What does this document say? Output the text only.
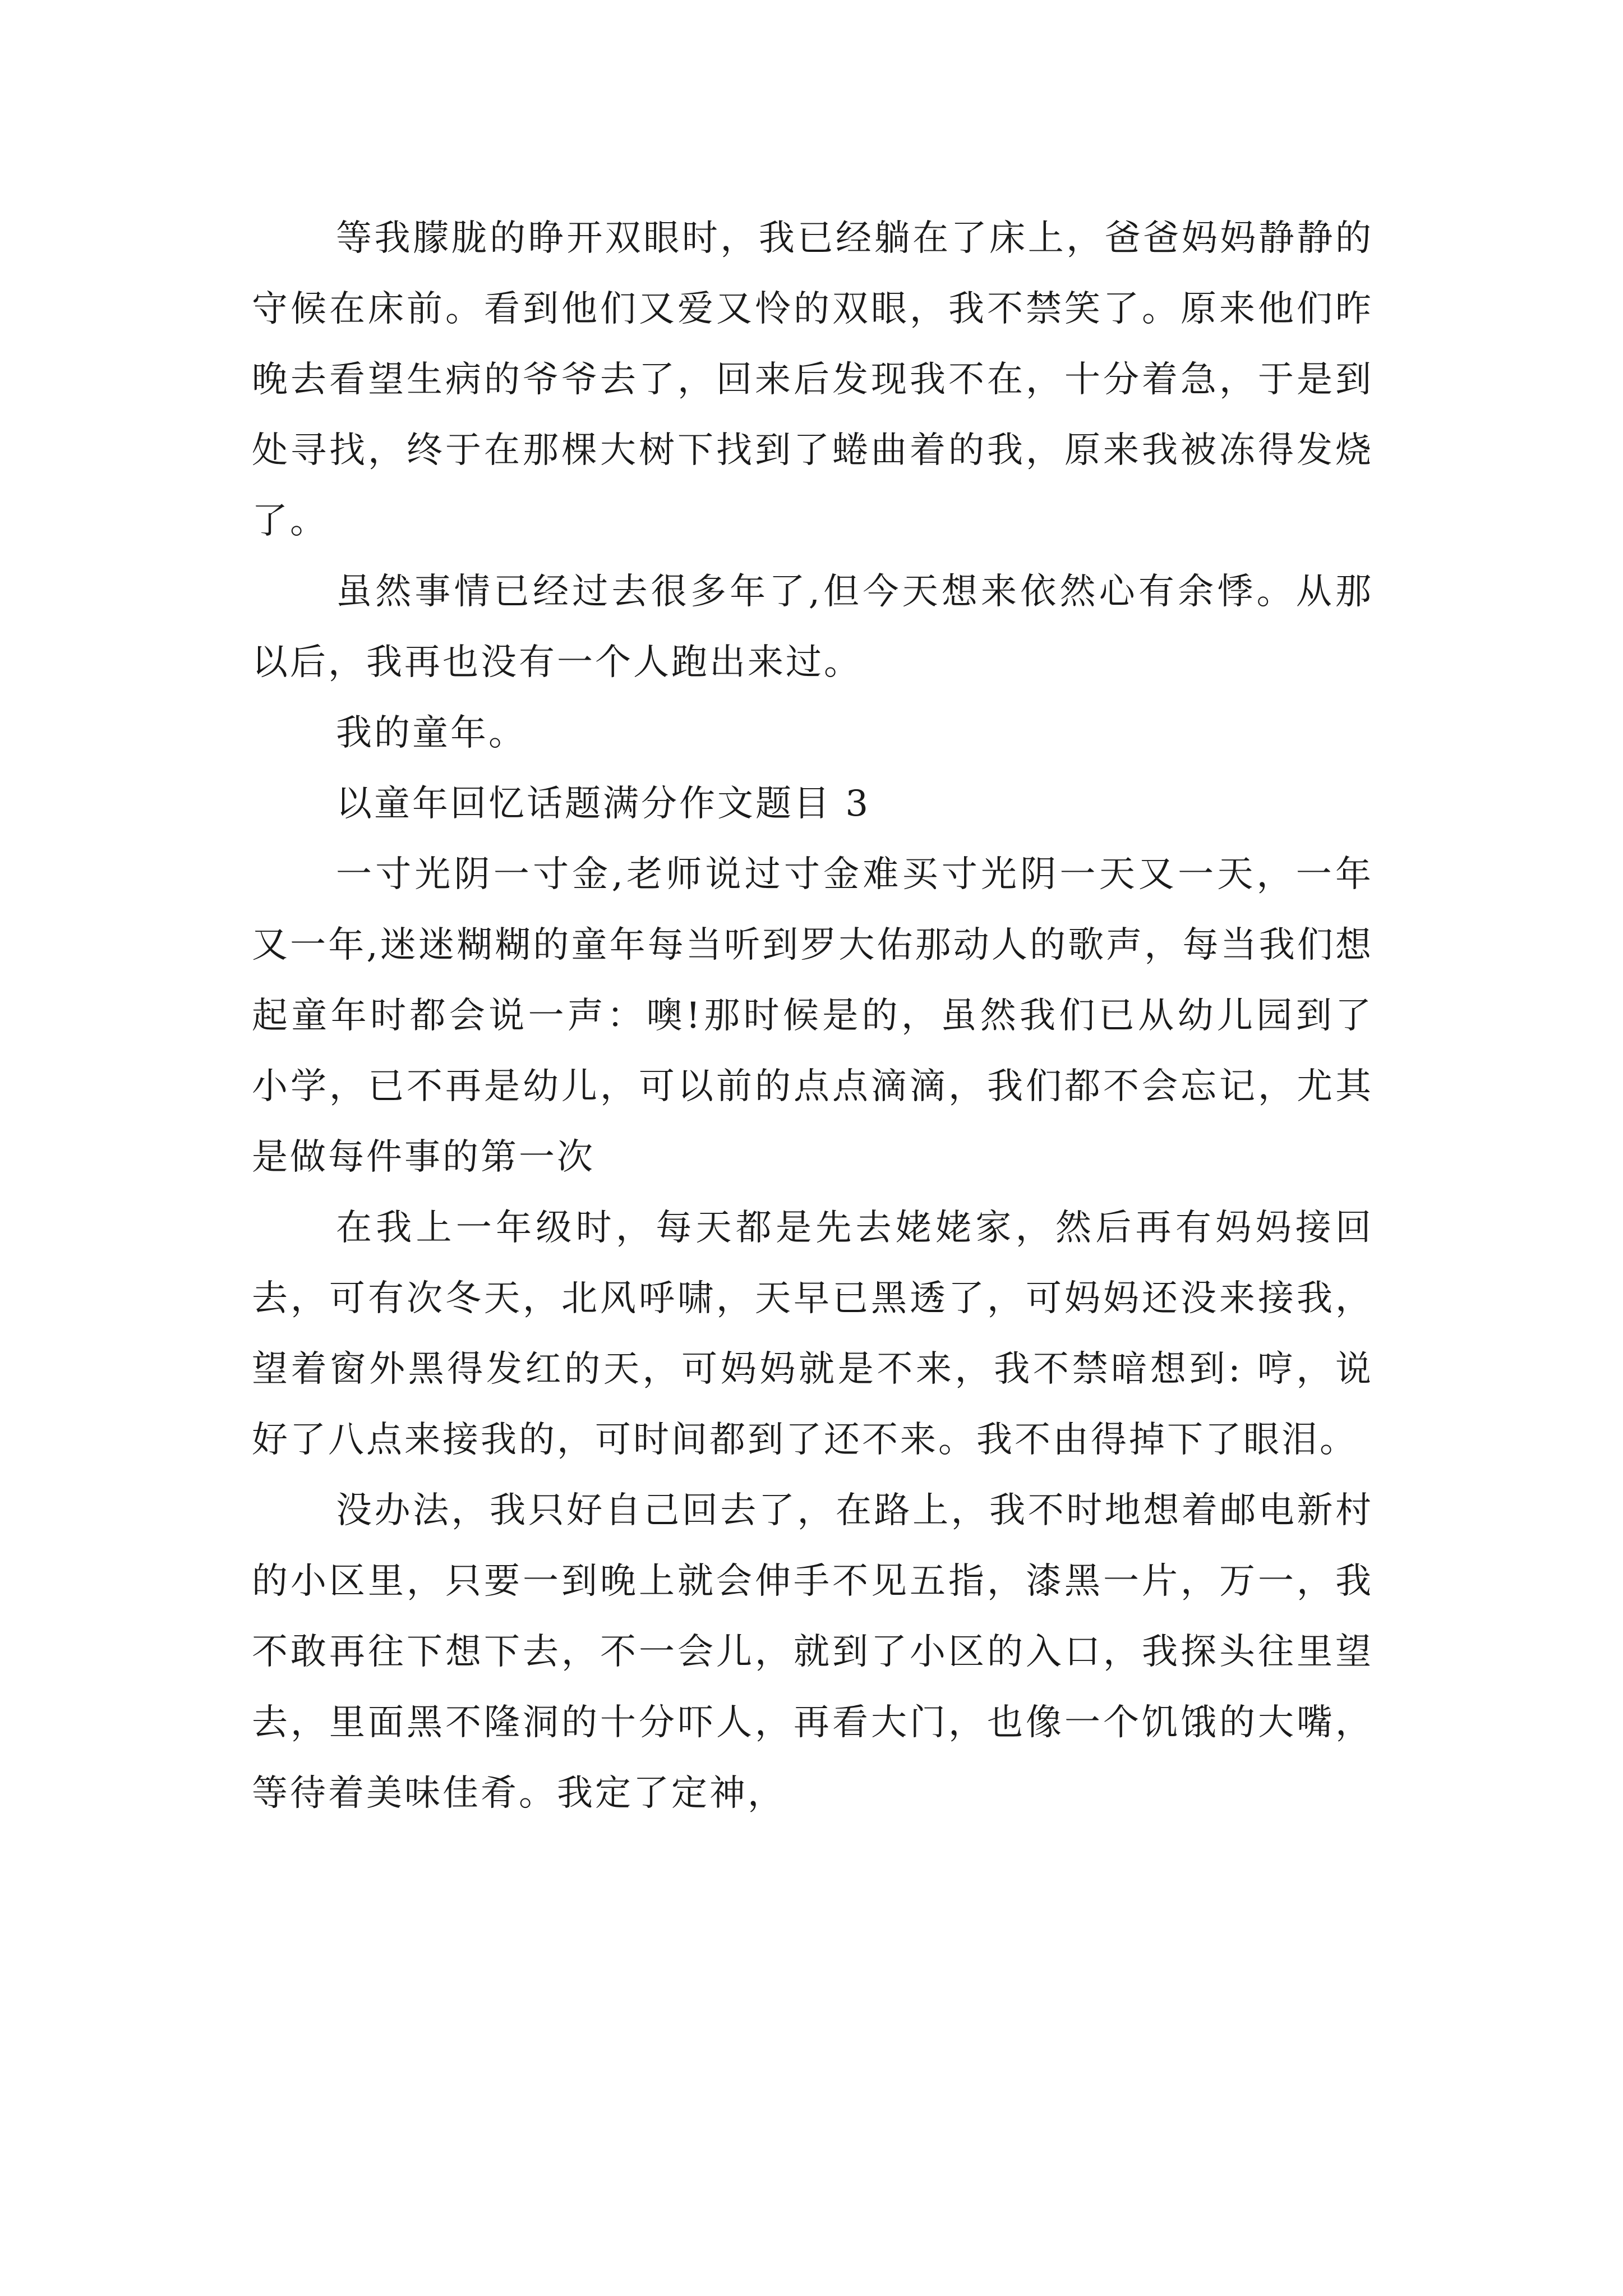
等我朦胧的睁开双眼时，我已经躺在了床上，爸爸妈妈静静的守候在床前。看到他们又爱又怜的双眼，我不禁笑了。原来他们昨晚去看望生病的爷爷去了，回来后发现我不在，十分着急，于是到处寻找，终于在那棵大树下找到了蜷曲着的我，原来我被冻得发烧了。

虽然事情已经过去很多年了,但今天想来依然心有余悸。从那以后，我再也没有一个人跑出来过。

我的童年。

以童年回忆话题满分作文题目 3

一寸光阴一寸金,老师说过寸金难买寸光阴一天又一天，一年又一年,迷迷糊糊的童年每当听到罗大佑那动人的歌声，每当我们想起童年时都会说一声：噢!那时候是的，虽然我们已从幼儿园到了小学，已不再是幼儿，可以前的点点滴滴，我们都不会忘记，尤其是做每件事的第一次

在我上一年级时，每天都是先去姥姥家，然后再有妈妈接回去，可有次冬天，北风呼啸，天早已黑透了，可妈妈还没来接我，望着窗外黑得发红的天，可妈妈就是不来，我不禁暗想到: 哼，说好了八点来接我的，可时间都到了还不来。我不由得掉下了眼泪。

没办法，我只好自己回去了，在路上，我不时地想着邮电新村的小区里，只要一到晚上就会伸手不见五指，漆黑一片，万一，我不敢再往下想下去，不一会儿，就到了小区的入口，我探头往里望去，里面黑不隆洞的十分吓人，再看大门，也像一个饥饿的大嘴，等待着美味佳肴。我定了定神，
